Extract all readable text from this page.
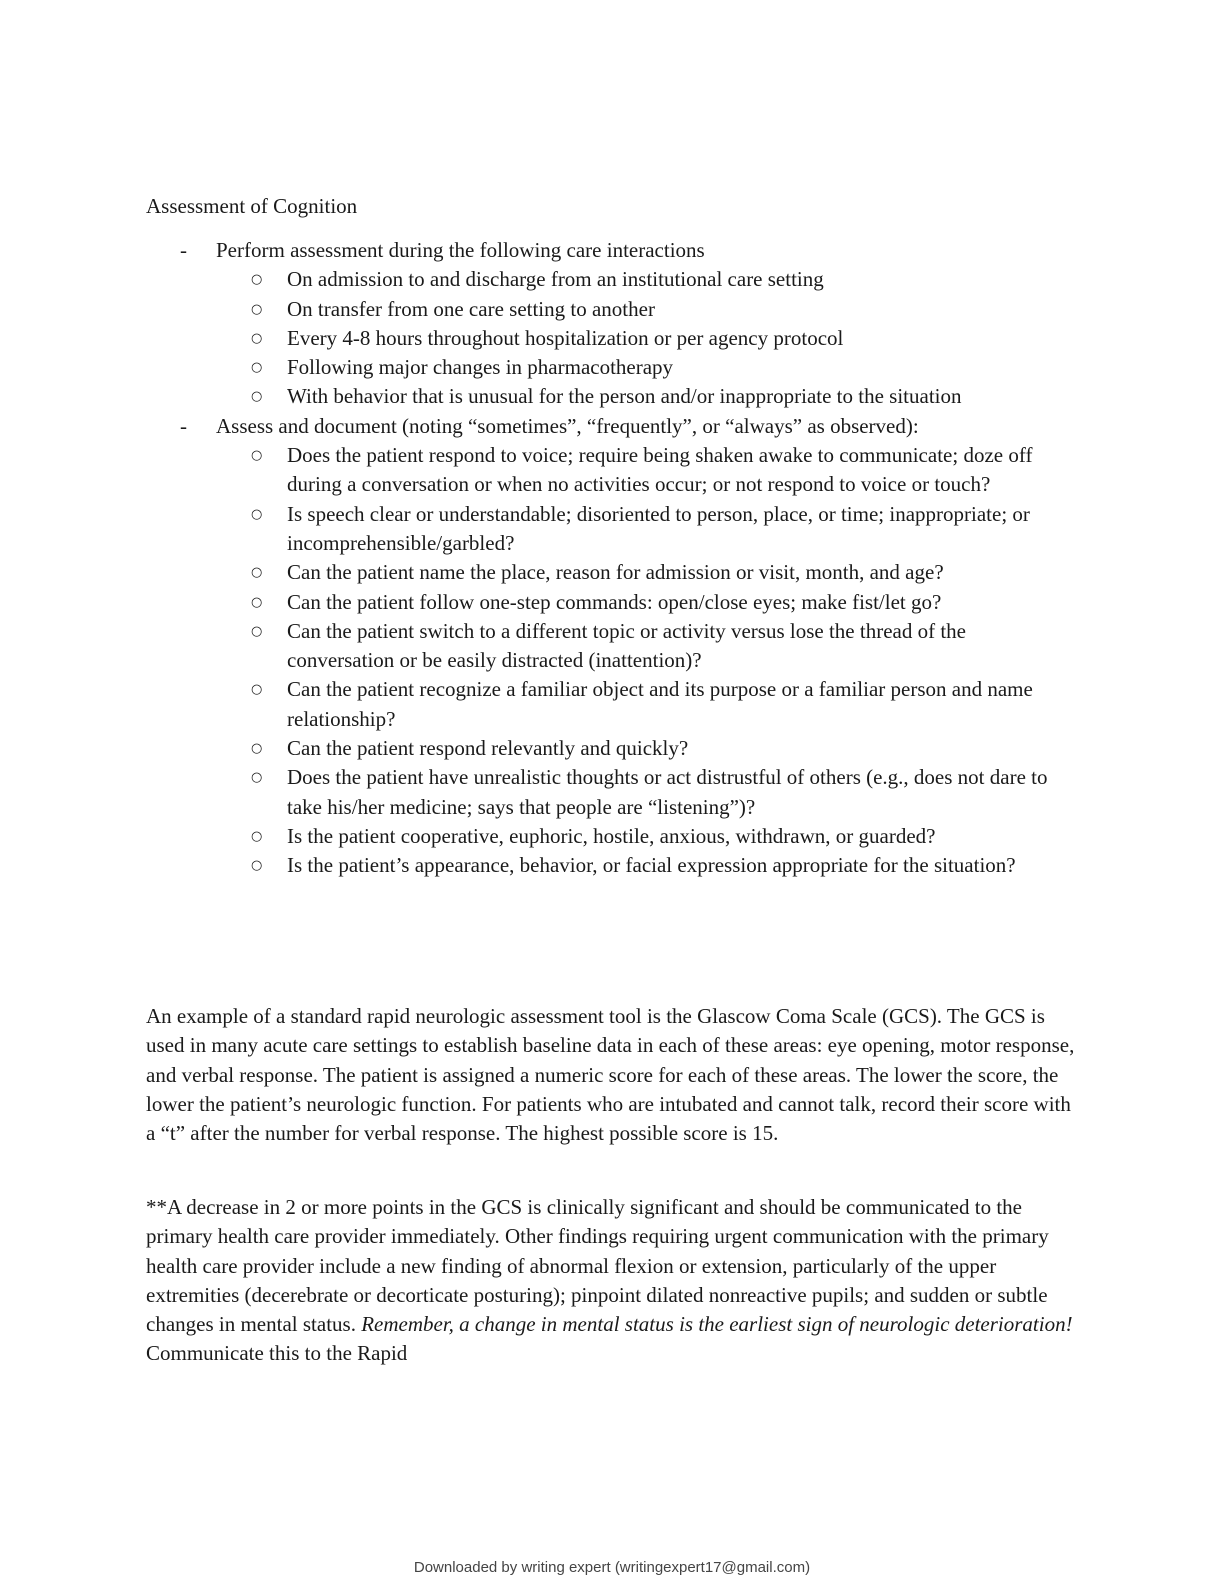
Assessment of Cognition
- Perform assessment during the following care interactions
○ On admission to and discharge from an institutional care setting
○ On transfer from one care setting to another
○ Every 4-8 hours throughout hospitalization or per agency protocol
○ Following major changes in pharmacotherapy
○ With behavior that is unusual for the person and/or inappropriate to the situation
- Assess and document (noting “sometimes”, “frequently”, or “always” as observed):
○ Does the patient respond to voice; require being shaken awake to communicate; doze off during a conversation or when no activities occur; or not respond to voice or touch?
○ Is speech clear or understandable; disoriented to person, place, or time; inappropriate; or incomprehensible/garbled?
○ Can the patient name the place, reason for admission or visit, month, and age?
○ Can the patient follow one-step commands: open/close eyes; make fist/let go?
○ Can the patient switch to a different topic or activity versus lose the thread of the conversation or be easily distracted (inattention)?
○ Can the patient recognize a familiar object and its purpose or a familiar person and name relationship?
○ Can the patient respond relevantly and quickly?
○ Does the patient have unrealistic thoughts or act distrustful of others (e.g., does not dare to take his/her medicine; says that people are “listening”)?
○ Is the patient cooperative, euphoric, hostile, anxious, withdrawn, or guarded?
○ Is the patient’s appearance, behavior, or facial expression appropriate for the situation?

An example of a standard rapid neurologic assessment tool is the Glascow Coma Scale (GCS). The GCS is used in many acute care settings to establish baseline data in each of these areas: eye opening, motor response, and verbal response. The patient is assigned a numeric score for each of these areas. The lower the score, the lower the patient’s neurologic function. For patients who are intubated and cannot talk, record their score with a “t” after the number for verbal response. The highest possible score is 15.

**A decrease in 2 or more points in the GCS is clinically significant and should be communicated to the primary health care provider immediately. Other findings requiring urgent communication with the primary health care provider include a new finding of abnormal flexion or extension, particularly of the upper extremities (decerebrate or decorticate posturing); pinpoint dilated nonreactive pupils; and sudden or subtle changes in mental status. Remember, a change in mental status is the earliest sign of neurologic deterioration! Communicate this to the Rapid

Downloaded by writing expert (writingexpert17@gmail.com)
